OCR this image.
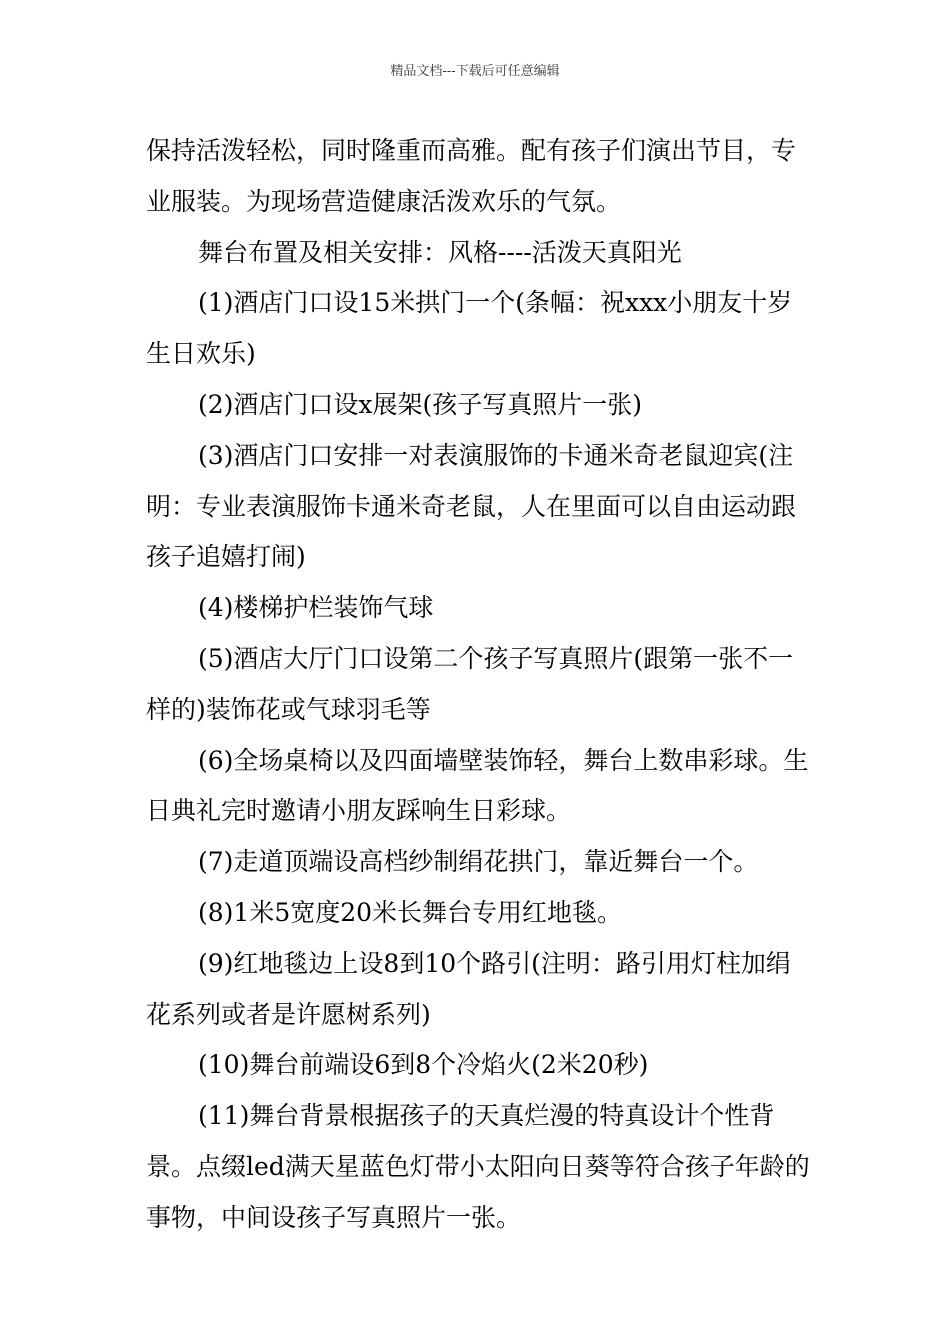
精品文档---下载后可任意编辑

保持活泼轻松，同时隆重而高雅。配有孩子们演出节目，专业服装。为现场营造健康活泼欢乐的气氛。

舞台布置及相关安排：风格----活泼天真阳光

(1)酒店门口设15米拱门一个(条幅：祝xxx小朋友十岁生日欢乐)

(2)酒店门口设x展架(孩子写真照片一张)

(3)酒店门口安排一对表演服饰的卡通米奇老鼠迎宾(注明：专业表演服饰卡通米奇老鼠，人在里面可以自由运动跟孩子追嬉打闹)

(4)楼梯护栏装饰气球

(5)酒店大厅门口设第二个孩子写真照片(跟第一张不一样的)装饰花或气球羽毛等

(6)全场桌椅以及四面墙壁装饰轻，舞台上数串彩球。生日典礼完时邀请小朋友踩响生日彩球。

(7)走道顶端设高档纱制绢花拱门，靠近舞台一个。

(8)1米5宽度20米长舞台专用红地毯。

(9)红地毯边上设8到10个路引(注明：路引用灯柱加绢花系列或者是许愿树系列)

(10)舞台前端设6到8个冷焰火(2米20秒)

(11)舞台背景根据孩子的天真烂漫的特真设计个性背景。点缀led满天星蓝色灯带小太阳向日葵等符合孩子年龄的事物，中间设孩子写真照片一张。
